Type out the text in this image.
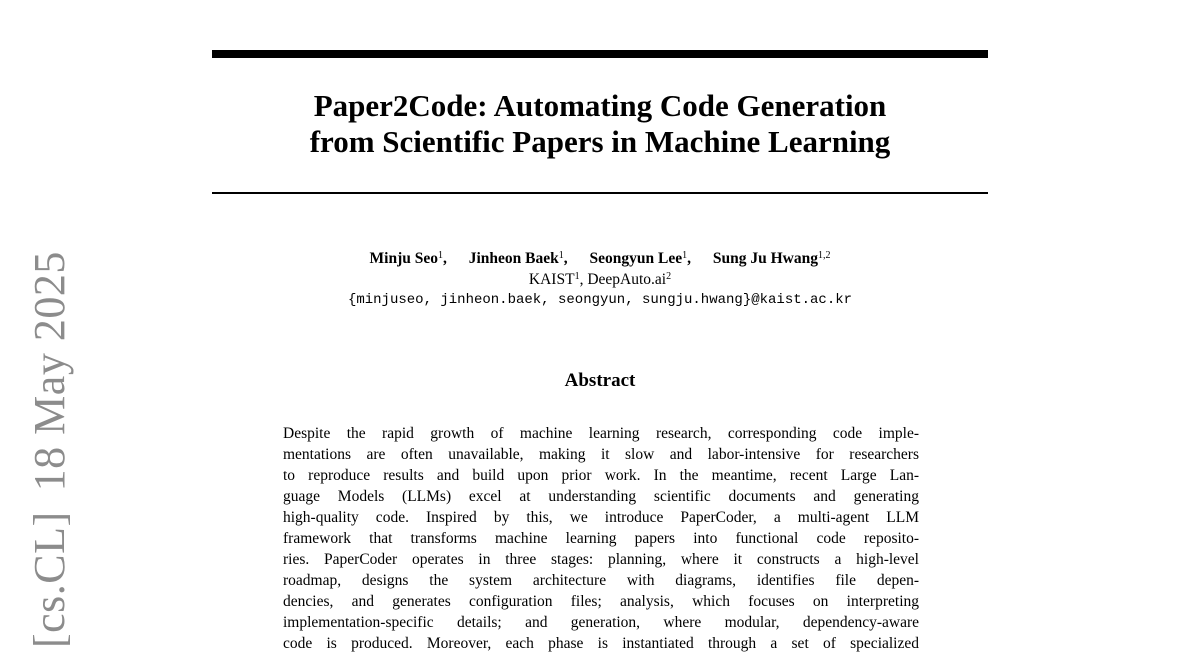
[cs.CL]18 May 2025
Paper2Code: Automating Code Generation
from Scientific Papers in Machine Learning
Minju Seo$^1$, Jinheon Baek$^1$, Seongyun Lee$^1$, Sung Ju Hwang$^{1,2}$
KAIST$^1$, $DeepAuto.ai^2$
{minjuseo, jinheon.baek, seongyun, sungju.hwang}@kaist.ac.kr
Abstract
Despite the rapid growth of machine learning research, corresponding code imple-
mentations are often unavailable, making it slow and labor-intensive for researchers
to reproduce results and build upon prior work. In the meantime, recent Large Lan-
guage Models (LLMs) excel at understanding scientific documents and generating
high-quality code. Inspired by this, we introduce PaperCoder, a multi-agent LLM
framework that transforms machine learning papers into functional code reposito-
ries. PaperCoder operates in three stages: planning, where it constructs a high-level
roadmap, designs the system architecture with diagrams, identifies file depen-
dencies, and generates configuration files; analysis, which focuses on interpreting
implementation-specific details; and generation, where modular, dependency-aware
code is produced. Moreover, each phase is instantiated through a set of specialized
